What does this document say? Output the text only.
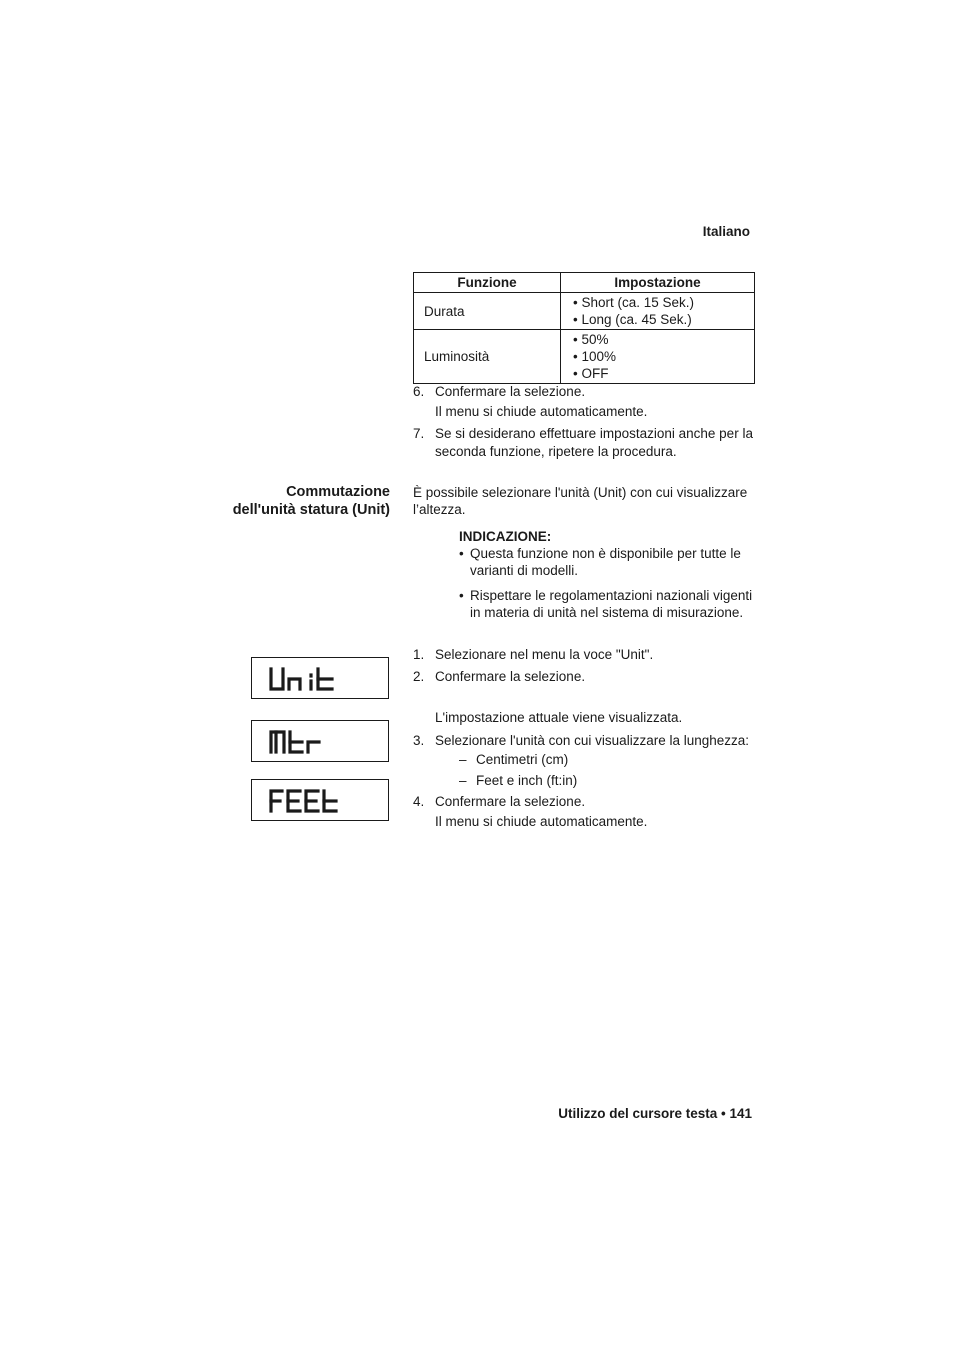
Italiano
Funzione	Impostazione
Durata	• Short (ca. 15 Sek.)
• Long (ca. 45 Sek.)

Luminosità	• 50%
• 100%
• OFF
6. Confermare la selezione.
Il menu si chiude automaticamente.
7. Se si desiderano effettuare impostazioni anche per la seconda funzione, ripetere la procedura.
Commutazione
dell'unità statura (Unit)
È possibile selezionare l'unità (Unit) con cui visualizzare l’altezza.
INDICAZIONE:
• Questa funzione non è disponibile per tutte le varianti di modelli.
• Rispettare le regolamentazioni nazionali vigenti in materia di unità nel sistema di misurazione.
1. Selezionare nel menu la voce "Unit".
2. Confermare la selezione.
L'impostazione attuale viene visualizzata.
3. Selezionare l'unità con cui visualizzare la lunghezza:
– Centimetri (cm)
– Feet e inch (ft:in)
4. Confermare la selezione.
Il menu si chiude automaticamente.
Utilizzo del cursore testa • 141
